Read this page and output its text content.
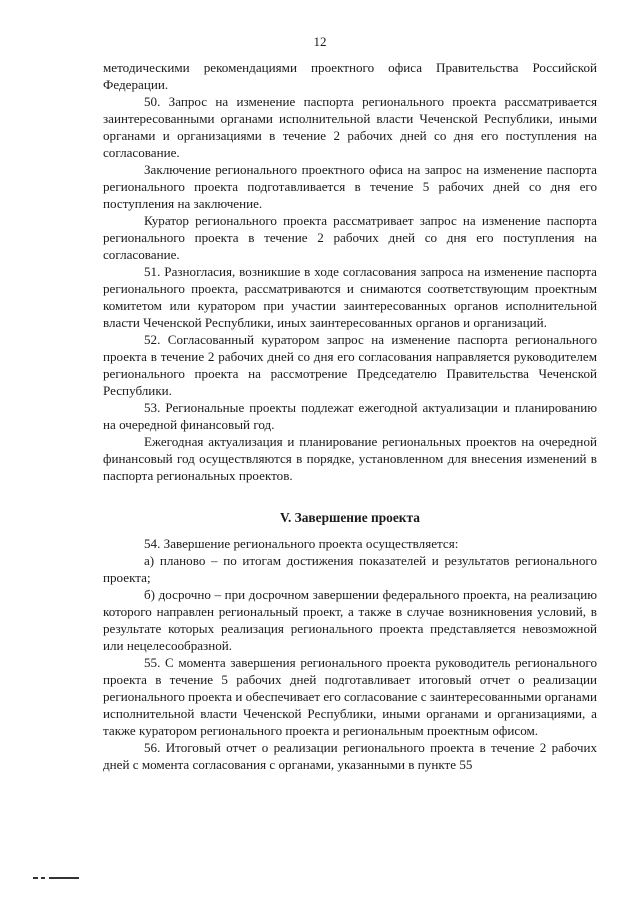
12

методическими рекомендациями проектного офиса Правительства Российской Федерации.

50. Запрос на изменение паспорта регионального проекта рассматривается заинтересованными органами исполнительной власти Чеченской Республики, иными органами и организациями в течение 2 рабочих дней со дня его поступления на согласование.

Заключение регионального проектного офиса на запрос на изменение паспорта регионального проекта подготавливается в течение 5 рабочих дней со дня его поступления на заключение.

Куратор регионального проекта рассматривает запрос на изменение паспорта регионального проекта в течение 2 рабочих дней со дня его поступления на согласование.

51. Разногласия, возникшие в ходе согласования запроса на изменение паспорта регионального проекта, рассматриваются и снимаются соответствующим проектным комитетом или куратором при участии заинтересованных органов исполнительной власти Чеченской Республики, иных заинтересованных органов и организаций.

52. Согласованный куратором запрос на изменение паспорта регионального проекта в течение 2 рабочих дней со дня его согласования направляется руководителем регионального проекта на рассмотрение Председателю Правительства Чеченской Республики.

53. Региональные проекты подлежат ежегодной актуализации и планированию на очередной финансовый год.

Ежегодная актуализация и планирование региональных проектов на очередной финансовый год осуществляются в порядке, установленном для внесения изменений в паспорта региональных проектов.

V. Завершение проекта

54. Завершение регионального проекта осуществляется:

а) планово – по итогам достижения показателей и результатов регионального проекта;

б) досрочно – при досрочном завершении федерального проекта, на реализацию которого направлен региональный проект, а также в случае возникновения условий, в результате которых реализация регионального проекта представляется невозможной или нецелесообразной.

55. С момента завершения регионального проекта руководитель регионального проекта в течение 5 рабочих дней подготавливает итоговый отчет о реализации регионального проекта и обеспечивает его согласование с заинтересованными органами исполнительной власти Чеченской Республики, иными органами и организациями, а также куратором регионального проекта и региональным проектным офисом.

56. Итоговый отчет о реализации регионального проекта в течение 2 рабочих дней с момента согласования с органами, указанными в пункте 55
